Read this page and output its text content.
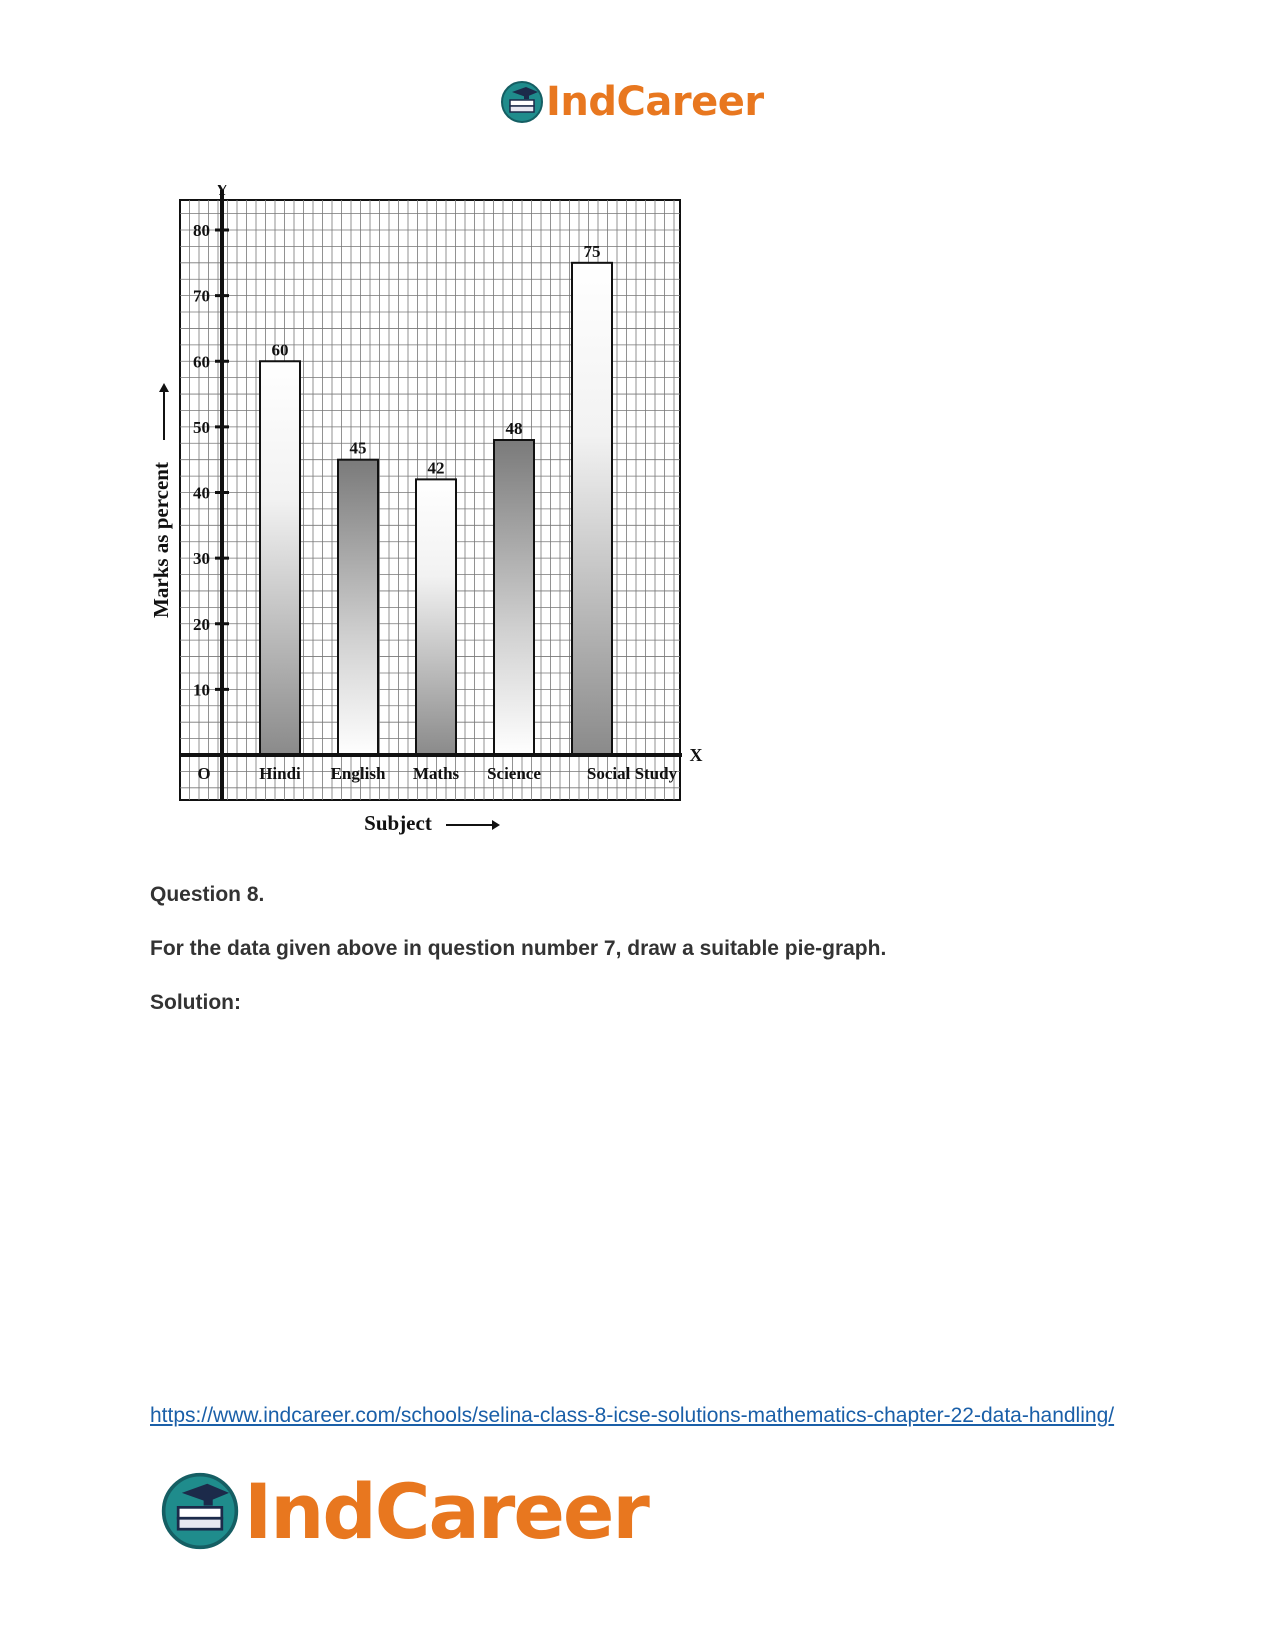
IndCareer
60
Hindi
45
English
42
Maths
48
Science
75
Social Study
10
20
30
40
50
60
70
80
Y
X
O
Subject
Marks as percent
Question 8.
For the data given above in question number 7, draw a suitable pie-graph.
Solution:
https://www.indcareer.com/schools/selina-class-8-icse-solutions-mathematics-chapter-22-data-handling/
IndCareer
